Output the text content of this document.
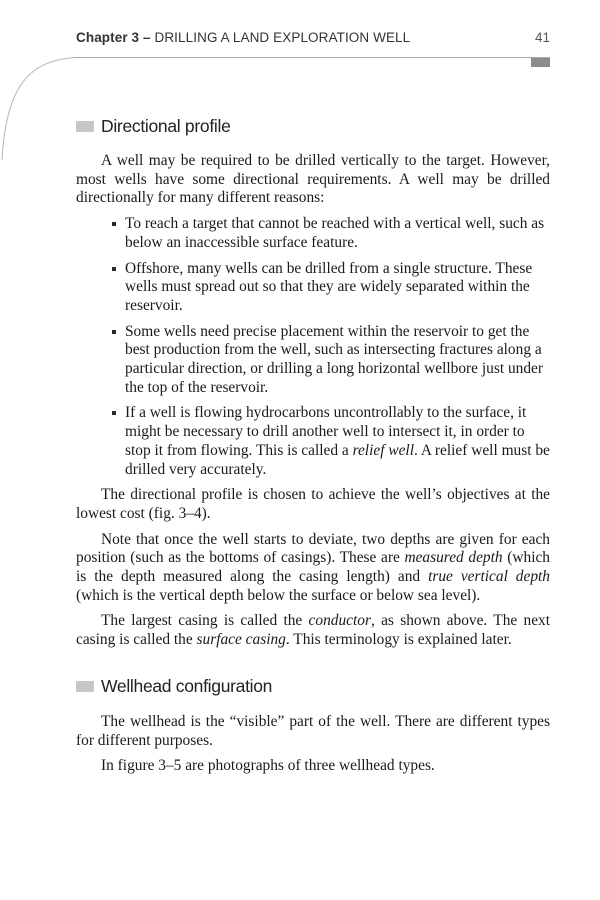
Chapter 3 – DRILLING A LAND EXPLORATION WELL	41
Directional profile

A well may be required to be drilled vertically to the target. However, most wells have some directional requirements. A well may be drilled directionally for many different reasons:

To reach a target that cannot be reached with a vertical well, such as below an inaccessible surface feature.
Offshore, many wells can be drilled from a single structure. These wells must spread out so that they are widely separated within the reservoir.
Some wells need precise placement within the reservoir to get the best production from the well, such as intersecting fractures along a particular direction, or drilling a long horizontal wellbore just under the top of the reservoir.
If a well is flowing hydrocarbons uncontrollably to the surface, it might be necessary to drill another well to intersect it, in order to stop it from flowing. This is called a relief well. A relief well must be drilled very accurately.

The directional profile is chosen to achieve the well’s objectives at the lowest cost (fig. 3–4).

Note that once the well starts to deviate, two depths are given for each position (such as the bottoms of casings). These are measured depth (which is the depth measured along the casing length) and true vertical depth (which is the vertical depth below the surface or below sea level).

The largest casing is called the conductor, as shown above. The next casing is called the surface casing. This terminology is explained later.

Wellhead configuration

The wellhead is the “visible” part of the well. There are different types for different purposes.

In figure 3–5 are photographs of three wellhead types.
